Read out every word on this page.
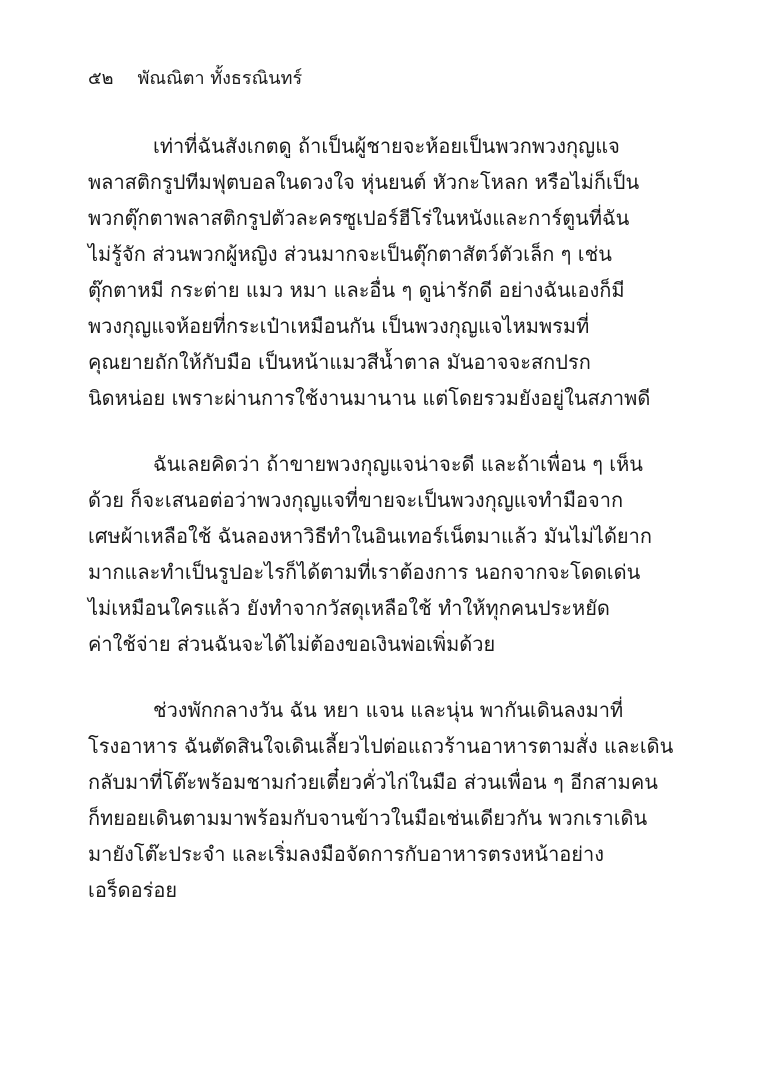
๕๒ พัณณิตา ทั้งธรณินทร์
เท่าที่ฉันสังเกตดู ถ้าเป็นผู้ชายจะห้อยเป็นพวกพวงกุญแจ
พลาสติกรูปทีมฟุตบอลในดวงใจ หุ่นยนต์ หัวกะโหลก หรือไม่ก็เป็น
พวกตุ๊กตาพลาสติกรูปตัวละครซูเปอร์ฮีโร่ในหนังและการ์ตูนที่ฉัน
ไม่รู้จัก ส่วนพวกผู้หญิง ส่วนมากจะเป็นตุ๊กตาสัตว์ตัวเล็ก ๆ เช่น
ตุ๊กตาหมี กระต่าย แมว หมา และอื่น ๆ ดูน่ารักดี อย่างฉันเองก็มี
พวงกุญแจห้อยที่กระเป๋าเหมือนกัน เป็นพวงกุญแจไหมพรมที่
คุณยายถักให้กับมือ เป็นหน้าแมวสีน้ำตาล มันอาจจะสกปรก
นิดหน่อย เพราะผ่านการใช้งานมานาน แต่โดยรวมยังอยู่ในสภาพดี
ฉันเลยคิดว่า ถ้าขายพวงกุญแจน่าจะดี และถ้าเพื่อน ๆ เห็น
ด้วย ก็จะเสนอต่อว่าพวงกุญแจที่ขายจะเป็นพวงกุญแจทำมือจาก
เศษผ้าเหลือใช้ ฉันลองหาวิธีทำในอินเทอร์เน็ตมาแล้ว มันไม่ได้ยาก
มากและทำเป็นรูปอะไรก็ได้ตามที่เราต้องการ นอกจากจะโดดเด่น
ไม่เหมือนใครแล้ว ยังทำจากวัสดุเหลือใช้ ทำให้ทุกคนประหยัด
ค่าใช้จ่าย ส่วนฉันจะได้ไม่ต้องขอเงินพ่อเพิ่มด้วย
ช่วงพักกลางวัน ฉัน หยา แจน และนุ่น พากันเดินลงมาที่
โรงอาหาร ฉันตัดสินใจเดินเลี้ยวไปต่อแถวร้านอาหารตามสั่ง และเดิน
กลับมาที่โต๊ะพร้อมชามก๋วยเตี๋ยวคั่วไก่ในมือ ส่วนเพื่อน ๆ อีกสามคน
ก็ทยอยเดินตามมาพร้อมกับจานข้าวในมือเช่นเดียวกัน พวกเราเดิน
มายังโต๊ะประจำ และเริ่มลงมือจัดการกับอาหารตรงหน้าอย่าง
เอร็ดอร่อย
